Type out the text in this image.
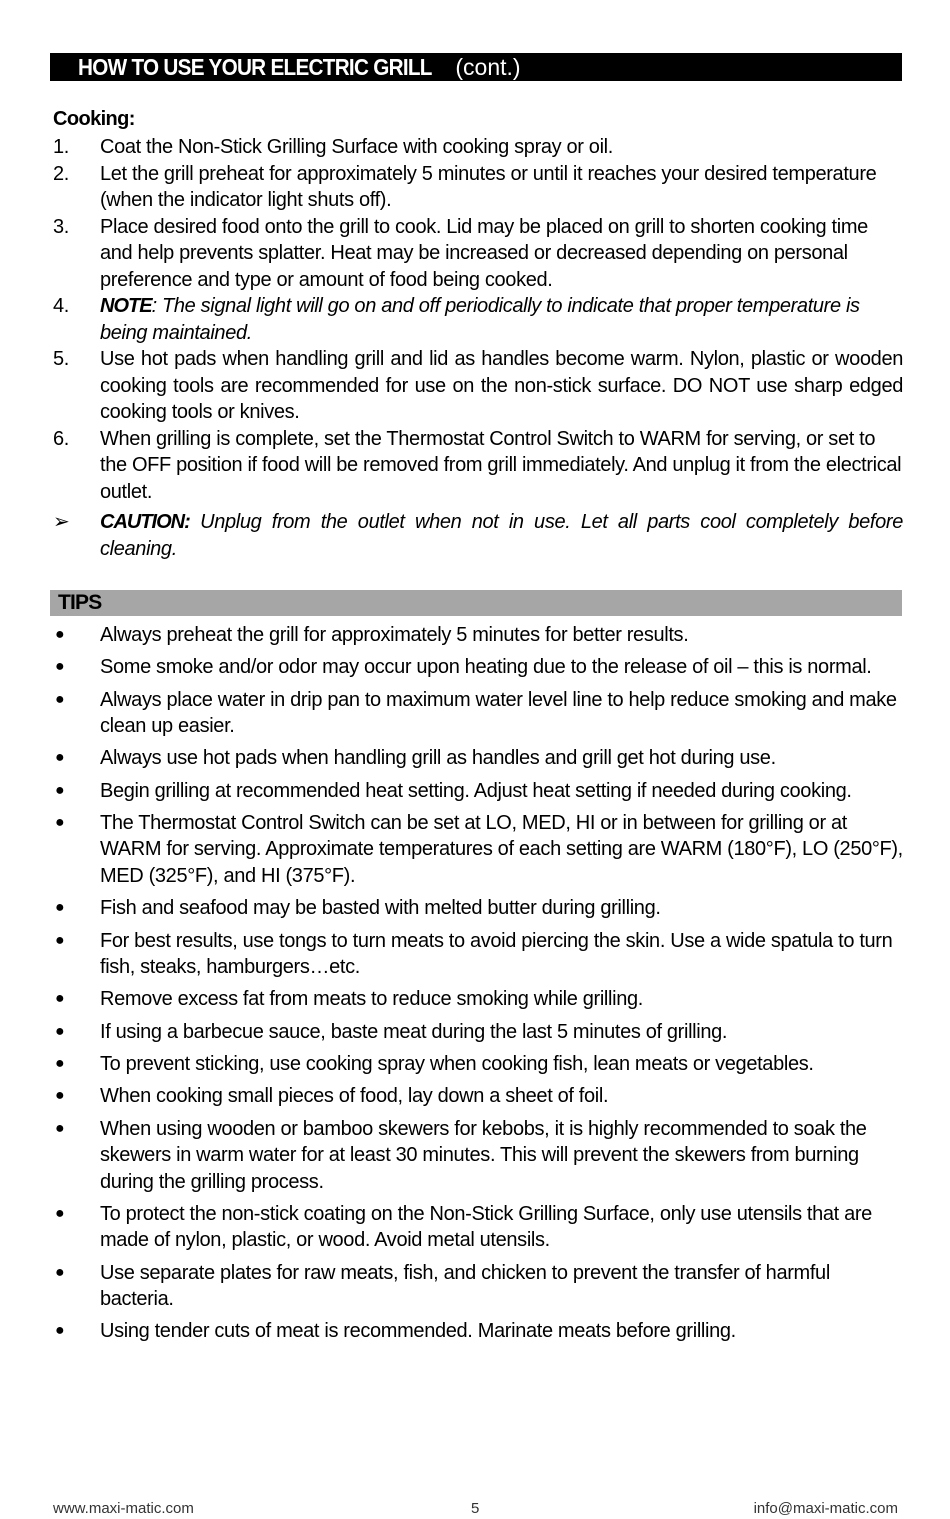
HOW TO USE YOUR ELECTRIC GRILL (cont.)
Cooking:
1. Coat the Non-Stick Grilling Surface with cooking spray or oil.
2. Let the grill preheat for approximately 5 minutes or until it reaches your desired temperature (when the indicator light shuts off).
3. Place desired food onto the grill to cook. Lid may be placed on grill to shorten cooking time and help prevents splatter. Heat may be increased or decreased depending on personal preference and type or amount of food being cooked.
4. NOTE: The signal light will go on and off periodically to indicate that proper temperature is being maintained.
5. Use hot pads when handling grill and lid as handles become warm. Nylon, plastic or wooden cooking tools are recommended for use on the non-stick surface. DO NOT use sharp edged cooking tools or knives.
6. When grilling is complete, set the Thermostat Control Switch to WARM for serving, or set to the OFF position if food will be removed from grill immediately. And unplug it from the electrical outlet.
➢ CAUTION: Unplug from the outlet when not in use. Let all parts cool completely before cleaning.
TIPS
● Always preheat the grill for approximately 5 minutes for better results.
● Some smoke and/or odor may occur upon heating due to the release of oil – this is normal.
● Always place water in drip pan to maximum water level line to help reduce smoking and make clean up easier.
● Always use hot pads when handling grill as handles and grill get hot during use.
● Begin grilling at recommended heat setting. Adjust heat setting if needed during cooking.
● The Thermostat Control Switch can be set at LO, MED, HI or in between for grilling or at WARM for serving. Approximate temperatures of each setting are WARM (180°F), LO (250°F), MED (325°F), and HI (375°F).
● Fish and seafood may be basted with melted butter during grilling.
● For best results, use tongs to turn meats to avoid piercing the skin. Use a wide spatula to turn fish, steaks, hamburgers…etc.
● Remove excess fat from meats to reduce smoking while grilling.
● If using a barbecue sauce, baste meat during the last 5 minutes of grilling.
● To prevent sticking, use cooking spray when cooking fish, lean meats or vegetables.
● When cooking small pieces of food, lay down a sheet of foil.
● When using wooden or bamboo skewers for kebobs, it is highly recommended to soak the skewers in warm water for at least 30 minutes. This will prevent the skewers from burning during the grilling process.
● To protect the non-stick coating on the Non-Stick Grilling Surface, only use utensils that are made of nylon, plastic, or wood. Avoid metal utensils.
● Use separate plates for raw meats, fish, and chicken to prevent the transfer of harmful bacteria.
● Using tender cuts of meat is recommended. Marinate meats before grilling.
www.maxi-matic.com	5	info@maxi-matic.com
